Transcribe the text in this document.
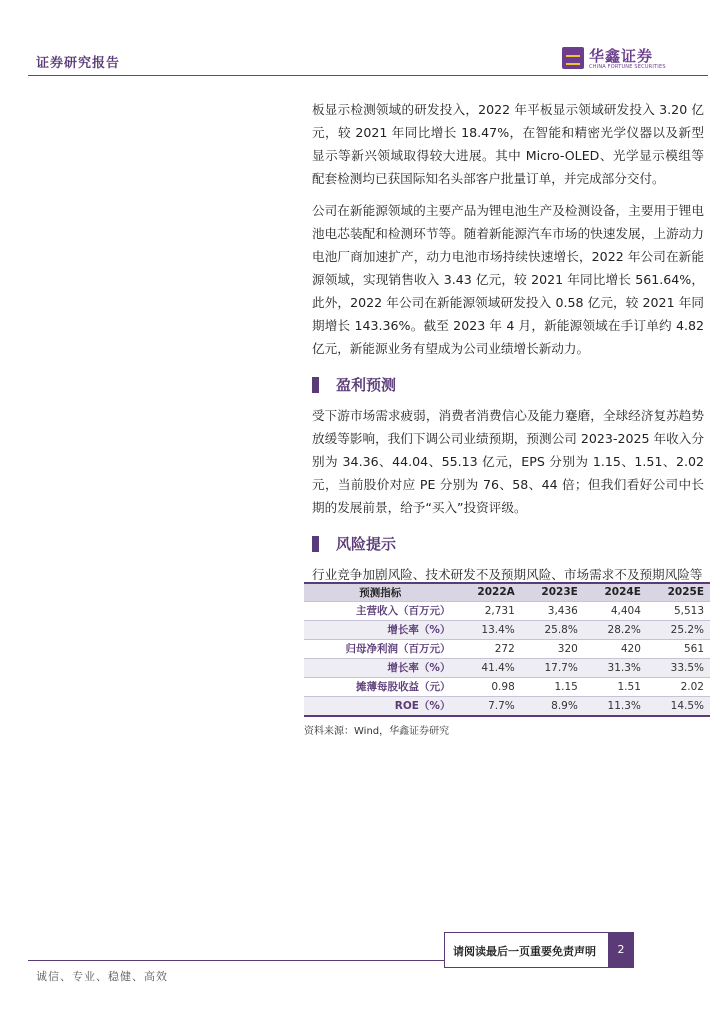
证券研究报告	华鑫证券
CHINA FORTUNE SECURITIES

板显示检测领域的研发投入，2022 年平板显示领域研发投入 3.20 亿元，较 2021 年同比增长 18.47%，在智能和精密光学仪器以及新型显示等新兴领域取得较大进展。其中 Micro-OLED、光学显示模组等配套检测均已获国际知名头部客户批量订单，并完成部分交付。

公司在新能源领域的主要产品为锂电池生产及检测设备，主要用于锂电池电芯装配和检测环节等。随着新能源汽车市场的快速发展，上游动力电池厂商加速扩产，动力电池市场持续快速增长，2022 年公司在新能源领域，实现销售收入 3.43 亿元，较 2021 年同比增长 561.64%，此外，2022 年公司在新能源领域研发投入 0.58 亿元，较 2021 年同期增长 143.36%。截至 2023 年 4 月，新能源领域在手订单约 4.82 亿元，新能源业务有望成为公司业绩增长新动力。

盈利预测

受下游市场需求疲弱，消费者消费信心及能力蹇磨，全球经济复苏趋势放缓等影响，我们下调公司业绩预期，预测公司 2023-2025 年收入分别为 34.36、44.04、55.13 亿元，EPS 分别为 1.15、1.51、2.02 元，当前股价对应 PE 分别为 76、58、44 倍；但我们看好公司中长期的发展前景，给予“买入”投资评级。

风险提示

行业竞争加剧风险、技术研发不及预期风险、市场需求不及预期风险等

预测指标	2022A	2023E	2024E	2025E
主营收入（百万元）	2,731	3,436	4,404	5,513
增长率（%）	13.4%	25.8%	28.2%	25.2%
归母净利润（百万元）	272	320	420	561
增长率（%）	41.4%	17.7%	31.3%	33.5%
摊薄每股收益（元）	0.98	1.15	1.51	2.02
ROE（%）	7.7%	8.9%	11.3%	14.5%
资料来源：Wind，华鑫证券研究
请阅读最后一页重要免责声明	2
诚信、专业、稳健、高效
